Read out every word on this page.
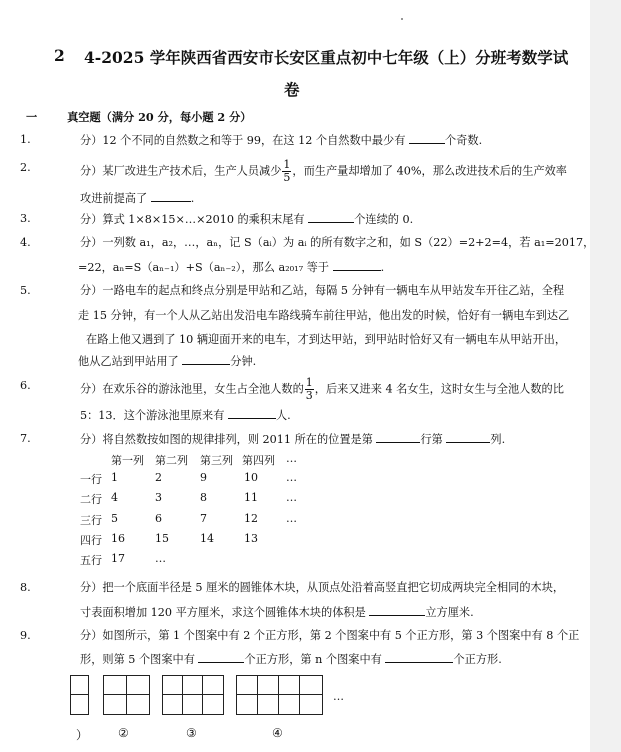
2 4-2025 学年陕西省西安市长安区重点初中七年级（上）分班考数学试
卷
一	真空题（满分 20 分，每小题 2 分）
1.	分）12 个不同的自然数之和等于 99，在这 12 个自然数中最少有	个奇数.
2.	分）某厂改进生产技术后，生产人员减少 $\frac{1}{5}$ ，而生产量却增加了 40%，那么改进技术后的生产效率
攻进前提高了	.
3.	分）算式 1×8×15×…×2010 的乘积末尾有	个连续的 0.
4.	分）一列数 a₁，a₂，…，aₙ，记 S（aᵢ）为 aᵢ 的所有数字之和，如 S（22）=2+2=4，若 a₁=2017，
=22，aₙ=S（aₙ₋₁）+S（aₙ₋₂），那么 a₂₀₁₇ 等于	.
5.	分）一路电车的起点和终点分别是甲站和乙站，每隔 5 分钟有一辆电车从甲站发车开往乙站，全程
走 15 分钟，有一个人从乙站出发沿电车路线骑车前往甲站，他出发的时候，恰好有一辆电车到达乙
在路上他又遇到了 10 辆迎面开来的电车，才到达甲站，到甲站时恰好又有一辆电车从甲站开出，
他从乙站到甲站用了	分钟.
6.	分）在欢乐谷的游泳池里，女生占全池人数的 $\frac{1}{3}$ ，后来又进来 4 名女生，这时女生与全池人数的比
5：13．这个游泳池里原来有	人.
7.	分）将自然数按如图的规律排列，则 2011 所在的位置是第	行第	列.
第一列 第二列 第三列 第四列 …
一行 1	2	9	10	…
二行 4	3	8	11	…
三行 5	6	7	12	…
四行 16	15	14	13
五行 17	…
8.	分）把一个底面半径是 5 厘米的圆锥体木块，从顶点处沿着高竖直把它切成两块完全相同的木块，
寸表面积增加 120 平方厘米，求这个圆锥体木块的体积是	立方厘米.
9.	分）如图所示，第 1 个图案中有 2 个正方形，第 2 个图案中有 5 个正方形，第 3 个图案中有 8 个正
形，则第 5 个图案中有	个正方形，第 n 个图案中有	个正方形.
…
） ②	③	④
